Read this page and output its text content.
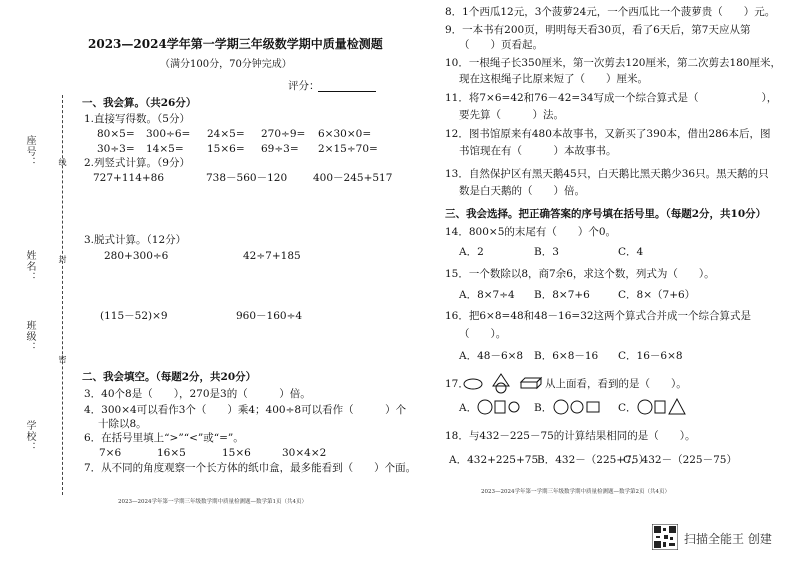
座号：
姓名：
班级：
学校：
线
封
密
2023—2024学年第一学期三年级数学期中质量检测题
（满分100分，70分钟完成）
评分：
一、我会算。（共26分）
1.直接写得数。（5分）
80×5= 300÷6= 24×5= 270÷9= 6×30×0=
30÷3= 14×5= 15×6= 69÷3= 2×15÷70=
2.列竖式计算。（9分）
727+114+86	738－560－120 400－245+517
3.脱式计算。（12分）
280+300÷6	42÷7+185
(115－52)×9	960－160÷4
二、我会填空。（每题2分，共20分）
3．40个8是（　　），270是3的（　　　）倍。
4．300×4可以看作3个（　　）乘4；400÷8可以看作（　　　）个
十除以8。
6．在括号里填上“>”“<”或“=”。
7×6	16×5	15×6	30×4×2
7．从不同的角度观察一个长方体的纸巾盒，最多能看到（　　）个面。
2023—2024学年第一学期三年级数学期中质量检测题—数学第1页（共4页）
8．1个西瓜12元，3个菠萝24元，一个西瓜比一个菠萝贵（　　）元。
9．一本书有200页，明明每天看30页，看了6天后，第7天应从第
（　　）页看起。
10．一根绳子长350厘米，第一次剪去120厘米，第二次剪去180厘米，
现在这根绳子比原来短了（　　）厘米。
11．将7×6=42和76－42=34写成一个综合算式是（　　　　　　），
要先算（　　　）法。
12．图书馆原来有480本故事书，又新买了390本，借出286本后，图
书馆现在有（　　　）本故事书。
13．自然保护区有黑天鹅45只，白天鹅比黑天鹅少36只。黑天鹅的只
数是白天鹅的（　　）倍。
三、我会选择。把正确答案的序号填在括号里。（每题2分，共10分）
14．800×5的末尾有（　　）个0。
A．2	B．3	C．4
15．一个数除以8，商7余6，求这个数，列式为（　　）。
A．8×7÷4 B．8×7+6	C．8×（7+6）
16．把6×8=48和48－16=32这两个算式合并成一个综合算式是
（　　）。
A．48－6×8 B．6×8－16 C．16－6×8
17．	从上面看，看到的是（　　）。
A．	B．	C．
18．与432－225－75的计算结果相同的是（　　）。
A．432+225+75
B．432－（225+75）
C．432－（225－75）
2023—2024学年第一学期三年级数学期中质量检测题—数学第2页（共4页）
扫描全能王 创建
